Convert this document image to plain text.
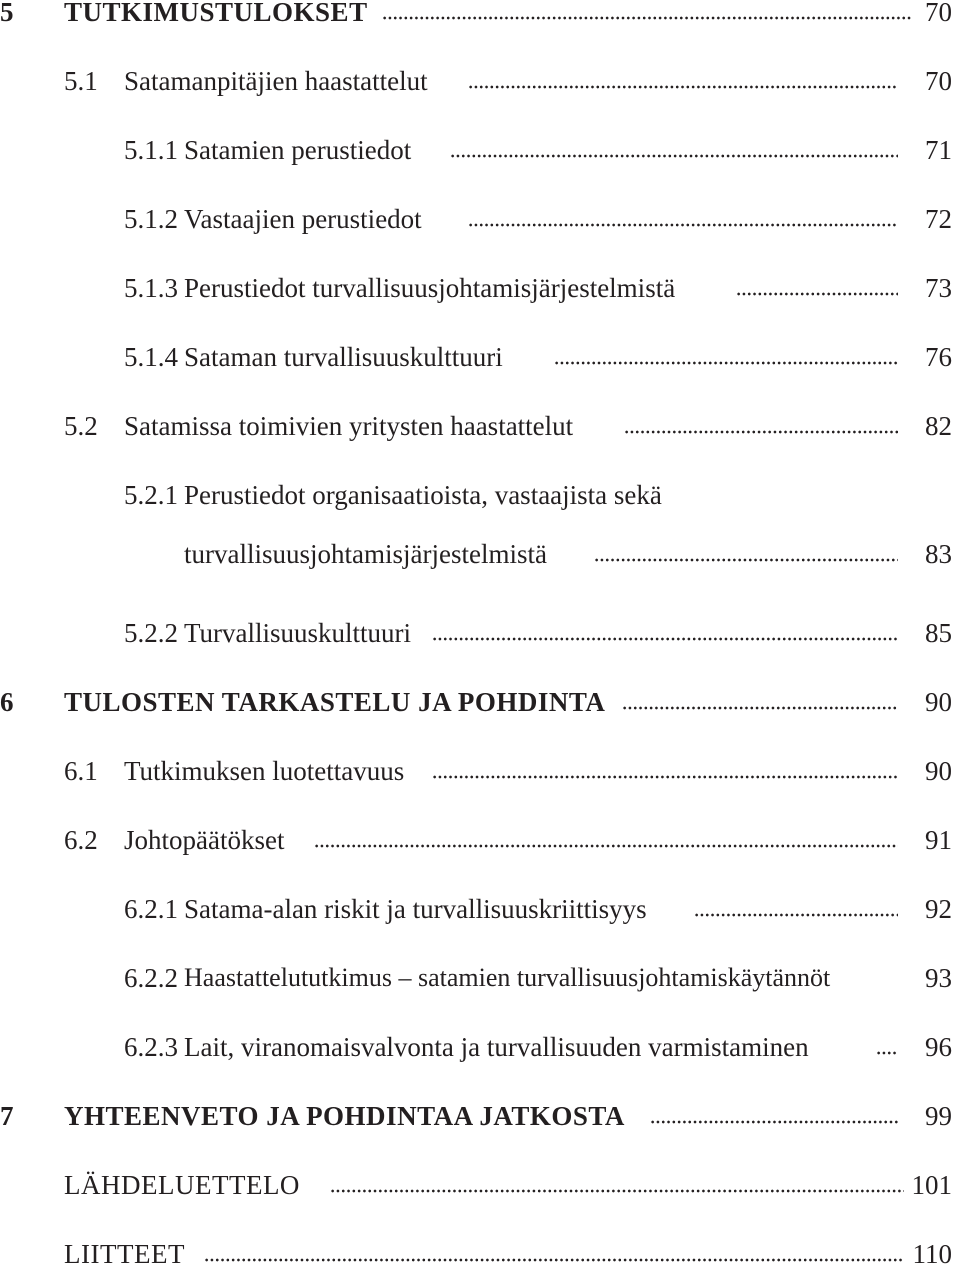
5 TUTKIMUSTULOKSET	70
5.1 Satamanpitäjien haastattelut	70
5.1.1 Satamien perustiedot	71
5.1.2 Vastaajien perustiedot	72
5.1.3 Perustiedot turvallisuusjohtamisjärjestelmistä	73
5.1.4 Sataman turvallisuuskulttuuri	76
5.2 Satamissa toimivien yritysten haastattelut	82
5.2.1 Perustiedot organisaatioista, vastaajista sekä
turvallisuusjohtamisjärjestelmistä	83
5.2.2 Turvallisuuskulttuuri	85
6 TULOSTEN TARKASTELU JA POHDINTA	90
6.1 Tutkimuksen luotettavuus	90
6.2 Johtopäätökset	91
6.2.1 Satama-alan riskit ja turvallisuuskriittisyys	92
6.2.2 Haastattelututkimus – satamien turvallisuusjohtamiskäytännöt	93
6.2.3 Lait, viranomaisvalvonta ja turvallisuuden varmistaminen	96
7 YHTEENVETO JA POHDINTAA JATKOSTA	99
LÄHDELUETTELO	101
LIITTEET	110
